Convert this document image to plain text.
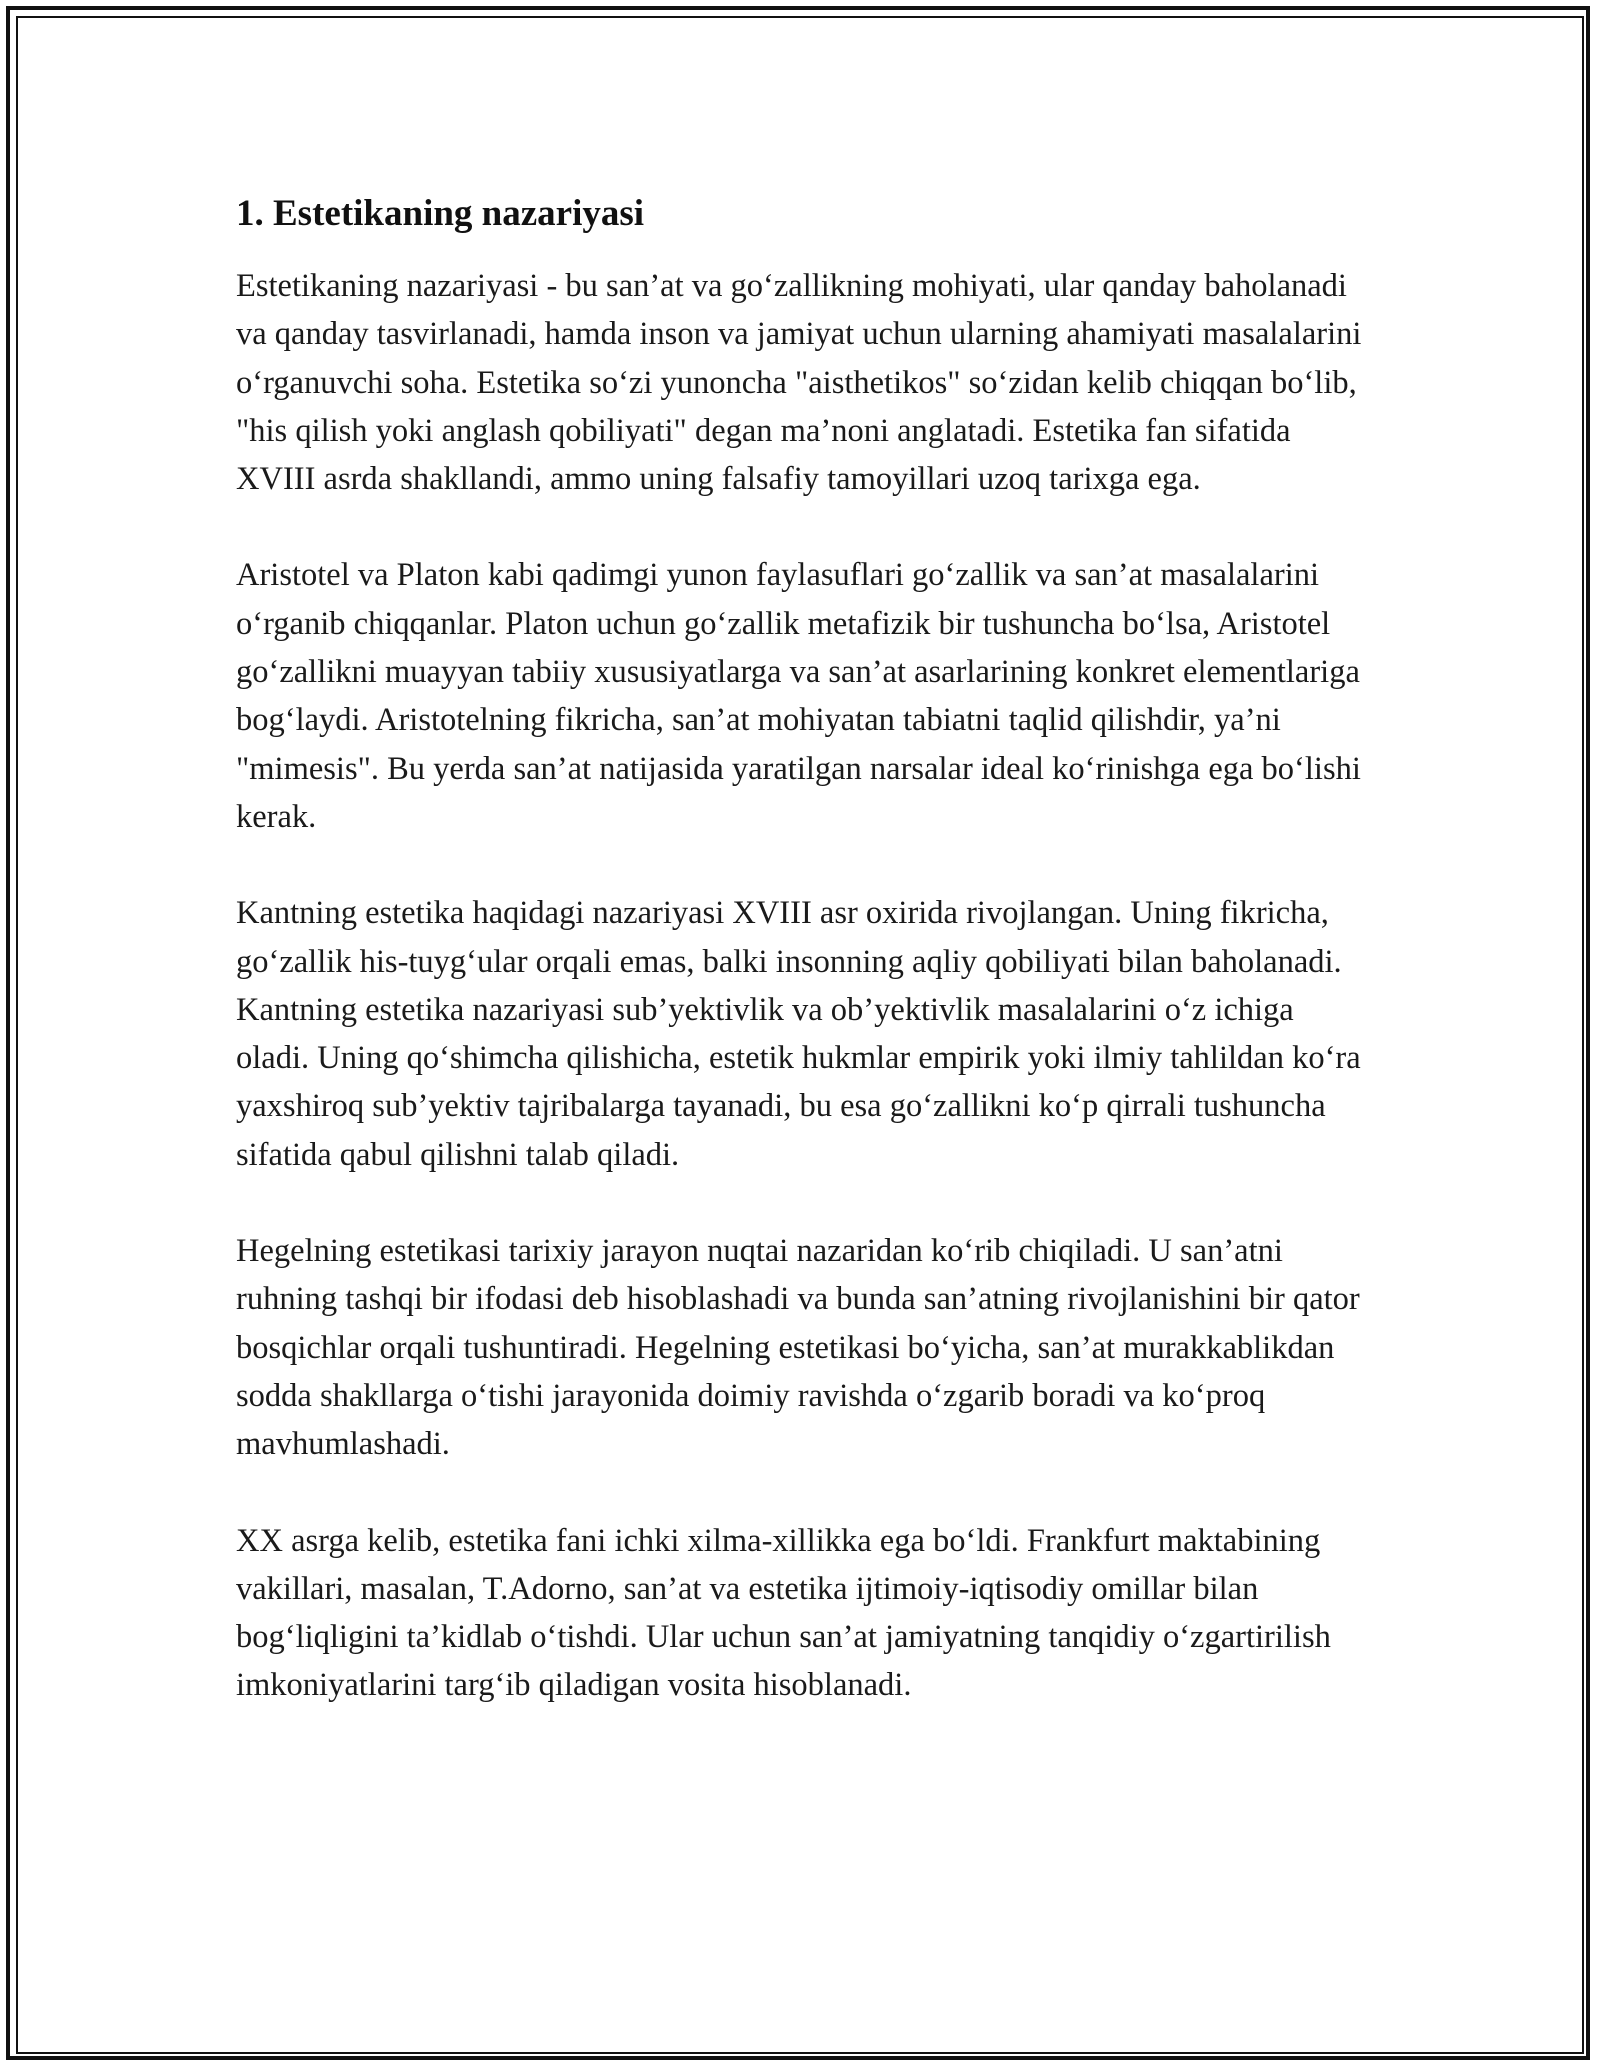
1. Estetikaning nazariyasi

Estetikaning nazariyasi - bu san’at va go‘zallikning mohiyati, ular qanday baholanadi va qanday tasvirlanadi, hamda inson va jamiyat uchun ularning ahamiyati masalalarini o‘rganuvchi soha. Estetika so‘zi yunoncha "aisthetikos" so‘zidan kelib chiqqan bo‘lib, "his qilish yoki anglash qobiliyati" degan ma’noni anglatadi. Estetika fan sifatida XVIII asrda shakllandi, ammo uning falsafiy tamoyillari uzoq tarixga ega.

Aristotel va Platon kabi qadimgi yunon faylasuflari go‘zallik va san’at masalalarini o‘rganib chiqqanlar. Platon uchun go‘zallik metafizik bir tushuncha bo‘lsa, Aristotel go‘zallikni muayyan tabiiy xususiyatlarga va san’at asarlarining konkret elementlariga bog‘laydi. Aristotelning fikricha, san’at mohiyatan tabiatni taqlid qilishdir, ya’ni "mimesis". Bu yerda san’at natijasida yaratilgan narsalar ideal ko‘rinishga ega bo‘lishi kerak.

Kantning estetika haqidagi nazariyasi XVIII asr oxirida rivojlangan. Uning fikricha, go‘zallik his-tuyg‘ular orqali emas, balki insonning aqliy qobiliyati bilan baholanadi. Kantning estetika nazariyasi sub’yektivlik va ob’yektivlik masalalarini o‘z ichiga oladi. Uning qo‘shimcha qilishicha, estetik hukmlar empirik yoki ilmiy tahlildan ko‘ra yaxshiroq sub’yektiv tajribalarga tayanadi, bu esa go‘zallikni ko‘p qirrali tushuncha sifatida qabul qilishni talab qiladi.

Hegelning estetikasi tarixiy jarayon nuqtai nazaridan ko‘rib chiqiladi. U san’atni ruhning tashqi bir ifodasi deb hisoblashadi va bunda san’atning rivojlanishini bir qator bosqichlar orqali tushuntiradi. Hegelning estetikasi bo‘yicha, san’at murakkablikdan sodda shakllarga o‘tishi jarayonida doimiy ravishda o‘zgarib boradi va ko‘proq mavhumlashadi.

XX asrga kelib, estetika fani ichki xilma-xillikka ega bo‘ldi. Frankfurt maktabining vakillari, masalan, T.Adorno, san’at va estetika ijtimoiy-iqtisodiy omillar bilan bog‘liqligini ta’kidlab o‘tishdi. Ular uchun san’at jamiyatning tanqidiy o‘zgartirilish imkoniyatlarini targ‘ib qiladigan vosita hisoblanadi.
